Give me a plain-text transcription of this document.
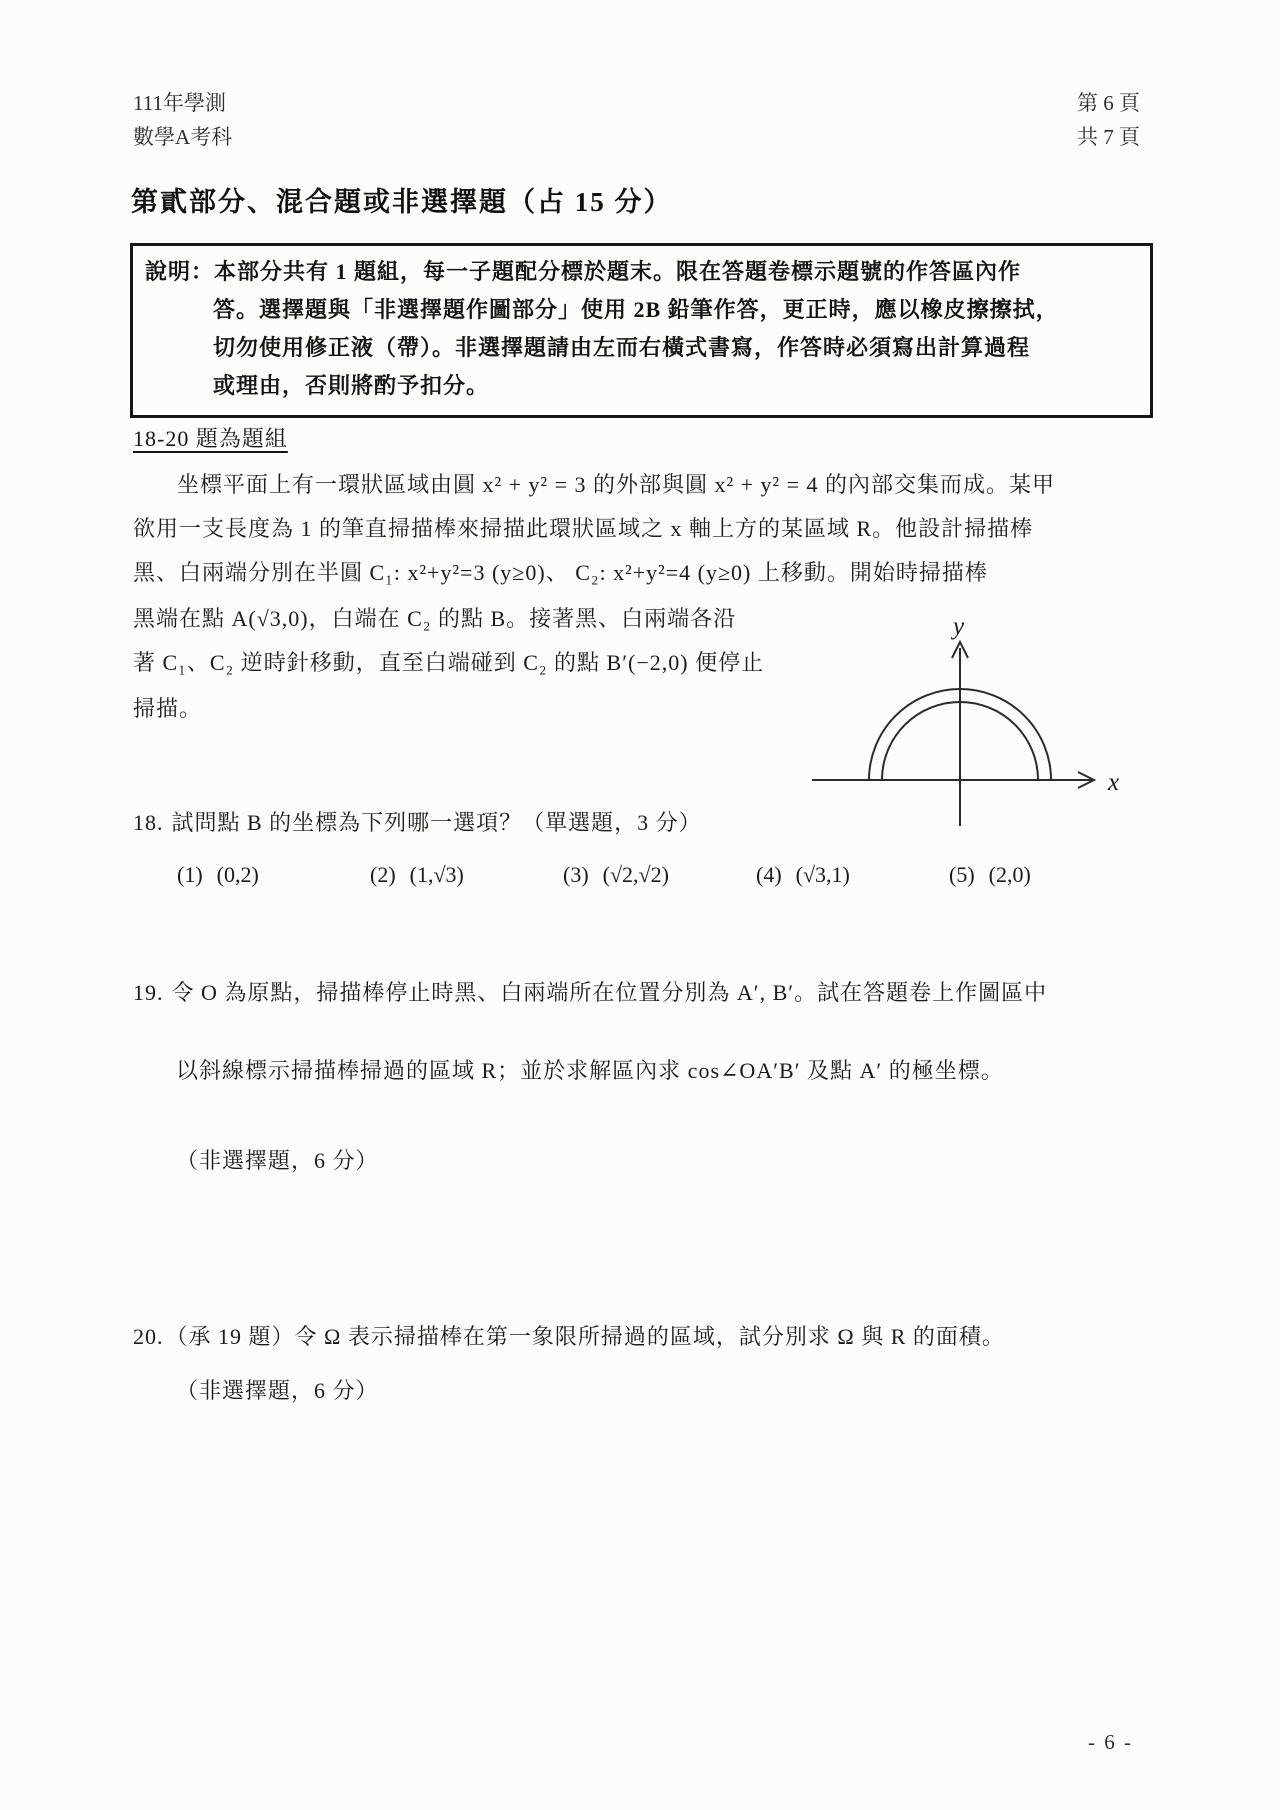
111年學測
數學A考科
第 6 頁
共 7 頁
第貳部分、混合題或非選擇題（占 15 分）
說明：本部分共有 1 題組，每一子題配分標於題末。限在答題卷標示題號的作答區內作
答。選擇題與「非選擇題作圖部分」使用 2B 鉛筆作答，更正時，應以橡皮擦擦拭，
切勿使用修正液（帶）。非選擇題請由左而右橫式書寫，作答時必須寫出計算過程
或理由，否則將酌予扣分。
18-20 題為題組
坐標平面上有一環狀區域由圓 x² + y² = 3 的外部與圓 x² + y² = 4 的內部交集而成。某甲
欲用一支長度為 1 的筆直掃描棒來掃描此環狀區域之 x 軸上方的某區域 R。他設計掃描棒
黑、白兩端分別在半圓 C₁: x²+y²=3 (y≥0)、 C₂: x²+y²=4 (y≥0) 上移動。開始時掃描棒
黑端在點 A(√3,0)，白端在 C₂ 的點 B。接著黑、白兩端各沿
著 C₁、C₂ 逆時針移動，直至白端碰到 C₂ 的點 B′(−2,0) 便停止
掃描。
y
x
18. 試問點 B 的坐標為下列哪一選項？（單選題，3 分）
(1) (0,2)	(2) (1,√3)	(3) (√2,√2)	(4) (√3,1)	(5) (2,0)
19. 令 O 為原點，掃描棒停止時黑、白兩端所在位置分別為 A′, B′。試在答題卷上作圖區中
以斜線標示掃描棒掃過的區域 R；並於求解區內求 cos∠OA′B′ 及點 A′ 的極坐標。
（非選擇題，6 分）
20.（承 19 題）令 Ω 表示掃描棒在第一象限所掃過的區域，試分別求 Ω 與 R 的面積。
（非選擇題，6 分）
- 6 -
